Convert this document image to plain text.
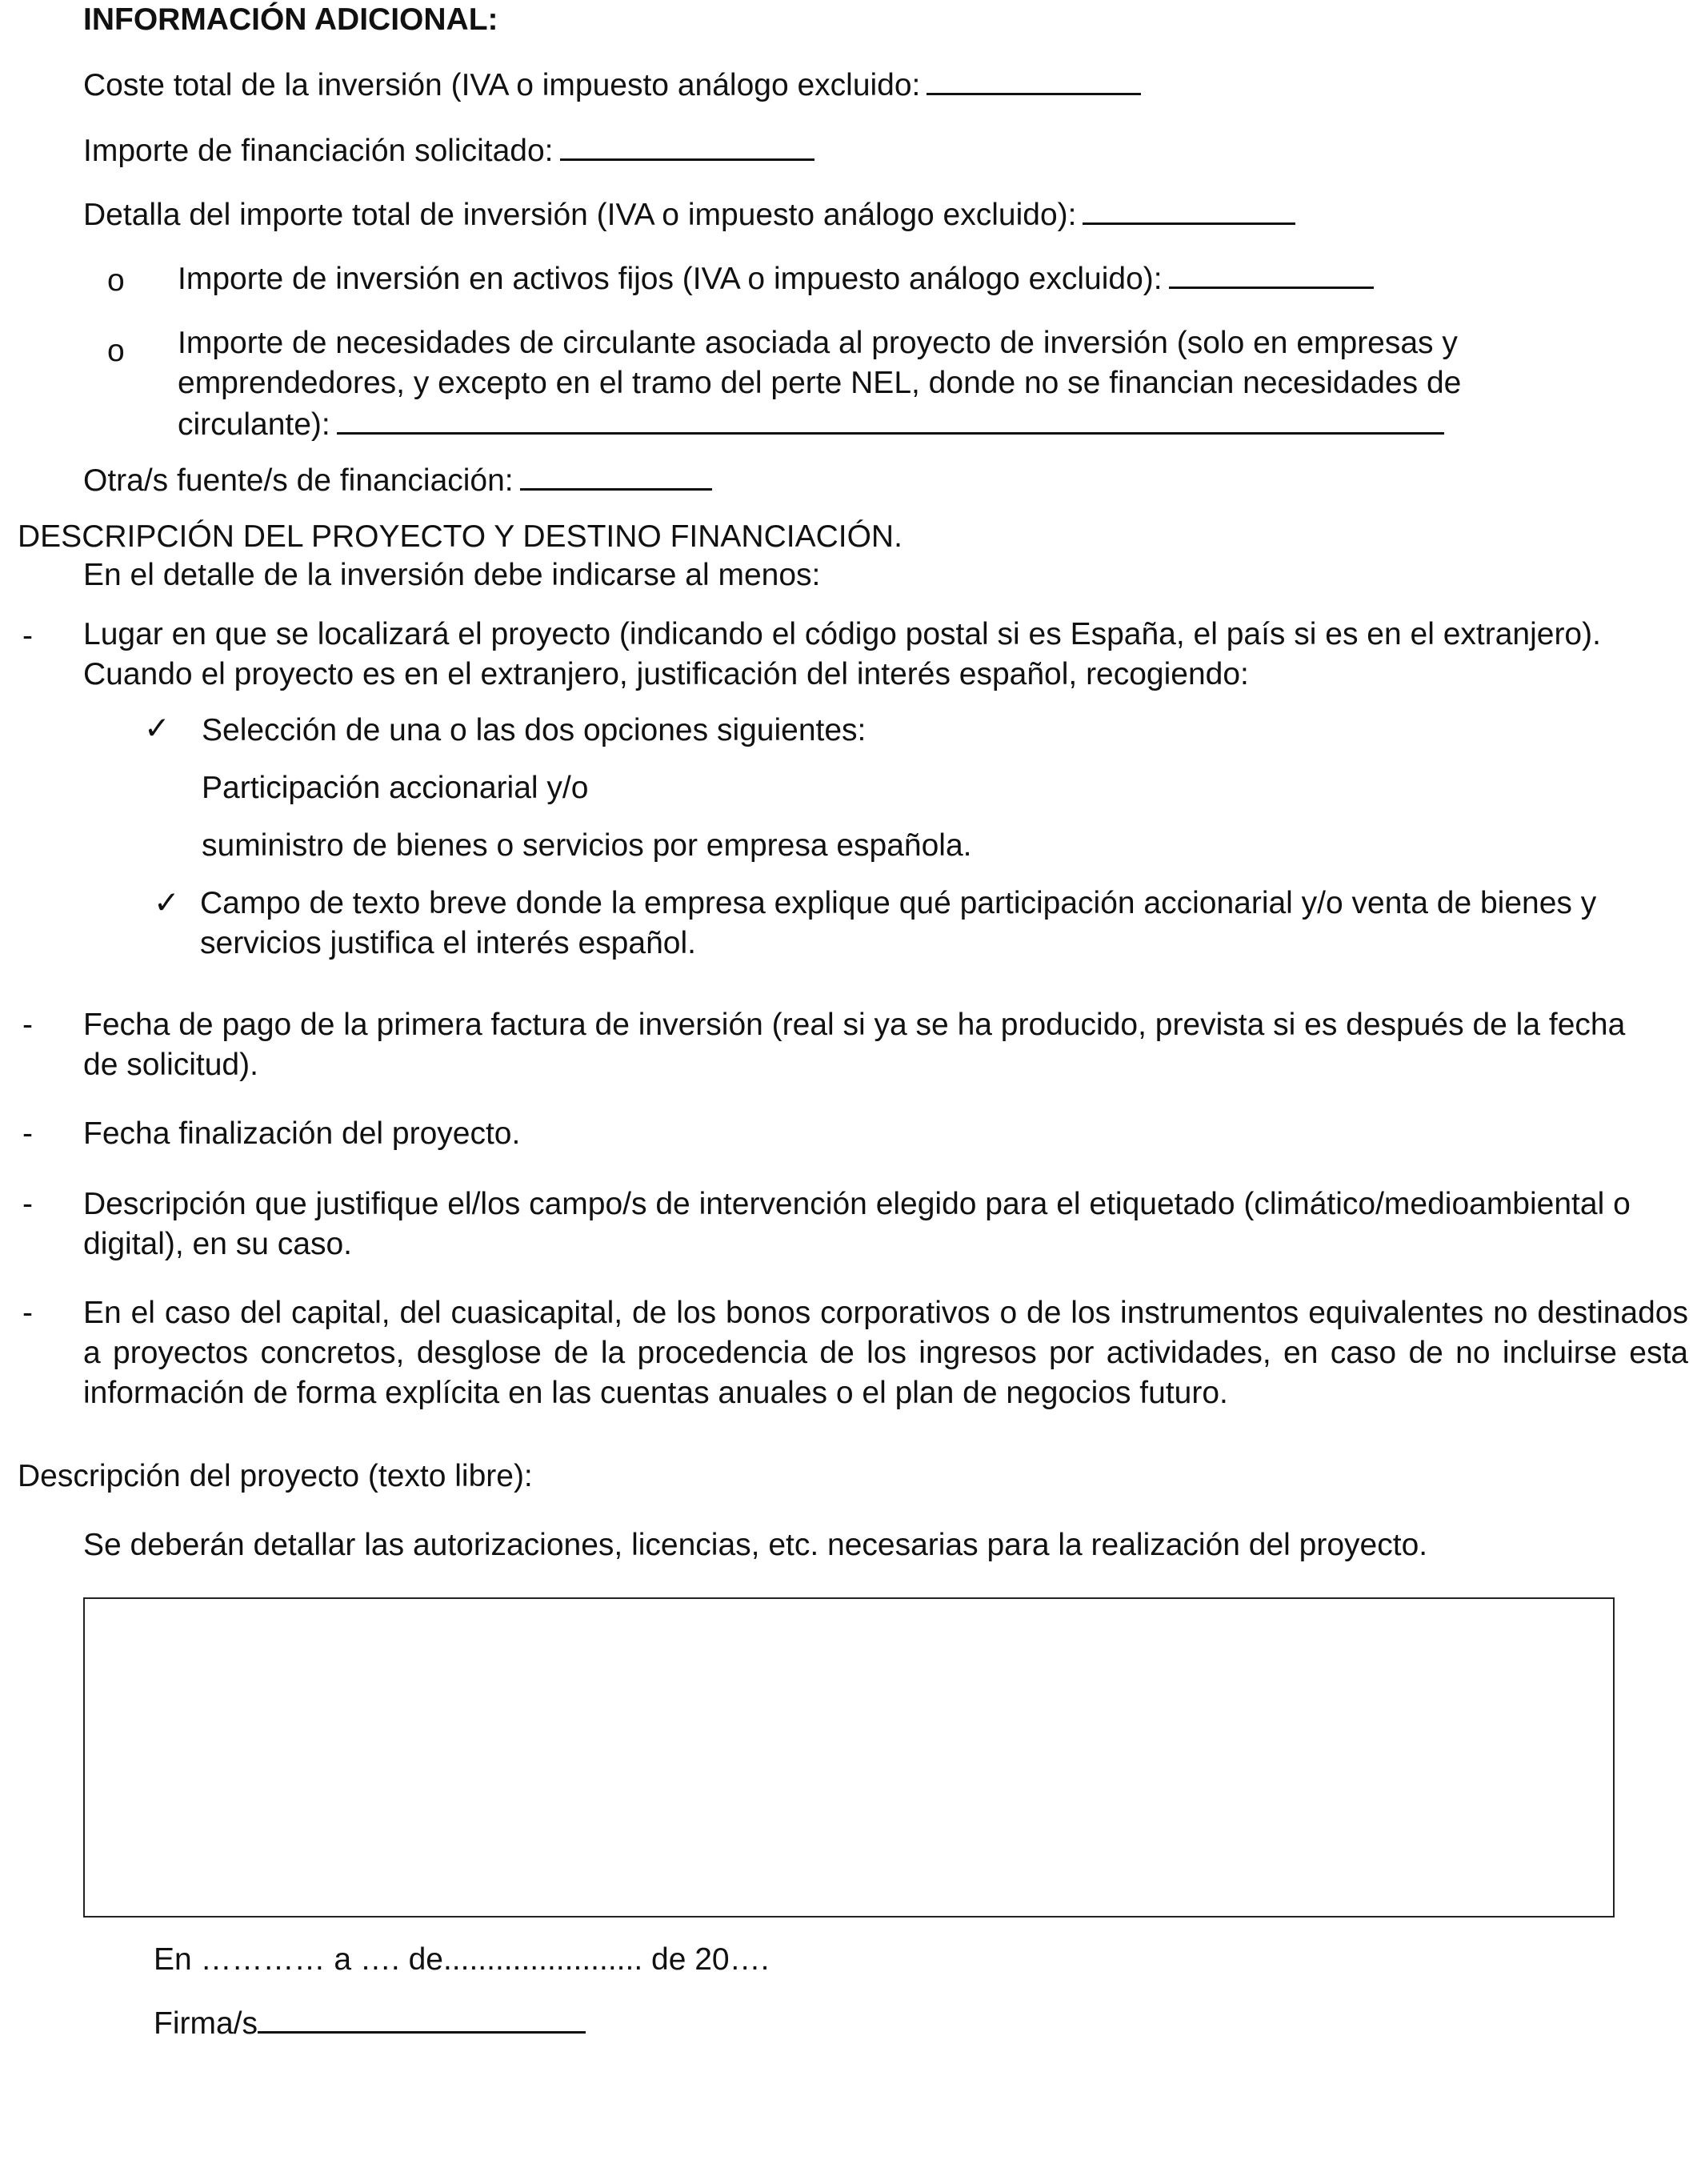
INFORMACIÓN ADICIONAL:
Coste total de la inversión (IVA o impuesto análogo excluido:
Importe de financiación solicitado:
Detalla del importe total de inversión (IVA o impuesto análogo excluido):
o Importe de inversión en activos fijos (IVA o impuesto análogo excluido):
o Importe de necesidades de circulante asociada al proyecto de inversión (solo en empresas y emprendedores, y excepto en el tramo del perte NEL, donde no se financian necesidades de circulante):
Otra/s fuente/s de financiación:
DESCRIPCIÓN DEL PROYECTO Y DESTINO FINANCIACIÓN.
En el detalle de la inversión debe indicarse al menos:
- Lugar en que se localizará el proyecto (indicando el código postal si es España, el país si es en el extranjero). Cuando el proyecto es en el extranjero, justificación del interés español, recogiendo:
✓ Selección de una o las dos opciones siguientes:
Participación accionarial y/o
suministro de bienes o servicios por empresa española.
✓ Campo de texto breve donde la empresa explique qué participación accionarial y/o venta de bienes y servicios justifica el interés español.
- Fecha de pago de la primera factura de inversión (real si ya se ha producido, prevista si es después de la fecha de solicitud).
- Fecha finalización del proyecto.
- Descripción que justifique el/los campo/s de intervención elegido para el etiquetado (climático/medioambiental o digital), en su caso.
- En el caso del capital, del cuasicapital, de los bonos corporativos o de los instrumentos equivalentes no destinados a proyectos concretos, desglose de la procedencia de los ingresos por actividades, en caso de no incluirse esta información de forma explícita en las cuentas anuales o el plan de negocios futuro.
Descripción del proyecto (texto libre):
Se deberán detallar las autorizaciones, licencias, etc. necesarias para la realización del proyecto.
En ………… a …. de....................... de 20….
Firma/s
